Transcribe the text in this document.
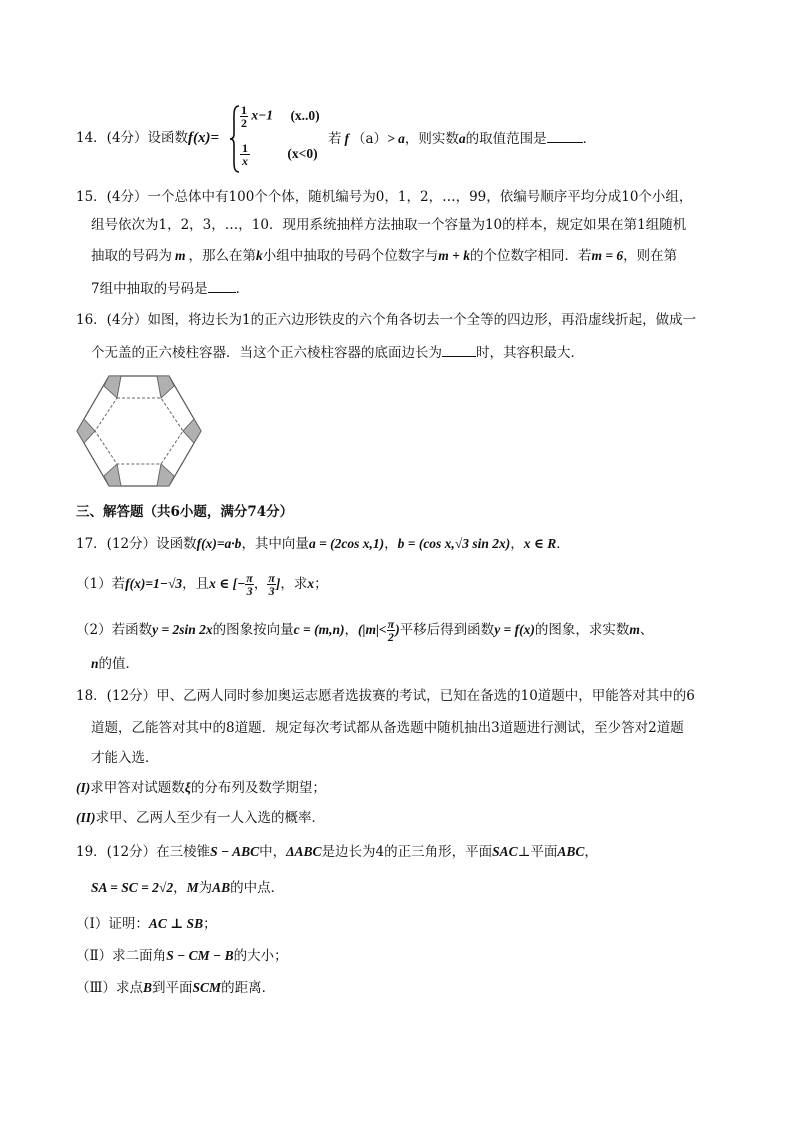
14．(4分）设函数f(x)=
$\frac{1}{2} x-1$ (x..0)
$\frac{1}{x}$	(x<0)
若 f （a）> a，则实数a的取值范围是	．
15．(4分）一个总体中有100个个体，随机编号为0，1，2，…，99，依编号顺序平均分成10个小组，
组号依次为1，2，3，…，10．现用系统抽样方法抽取一个容量为10的样本，规定如果在第1组随机
抽取的号码为 m ，那么在第k小组中抽取的号码个位数字与m + k的个位数字相同．若m = 6，则在第
7组中抽取的号码是 ．
16．(4分）如图，将边长为1的正六边形铁皮的六个角各切去一个全等的四边形，再沿虚线折起，做成一
个无盖的正六棱柱容器．当这个正六棱柱容器的底面边长为	时，其容积最大．
三、解答题（共6小题，满分74分）
17．(12分）设函数f(x)=a·b，其中向量a = (2cos x,1)，b = (cos x,√3 sin 2x)，x ∈ R．
（1）若f(x)=1−√3，且x ∈ [− $\frac{\pi}{3}$ ， $\frac{\pi}{3}$ ]，求x；
（2）若函数y = 2sin 2x的图象按向量c = (m,n)，($|m|< \frac{\pi}{2}$ )平移后得到函数y = f(x)的图象，求实数m、
n的值．
18．(12分）甲、乙两人同时参加奥运志愿者选拔赛的考试，已知在备选的10道题中，甲能答对其中的6
道题，乙能答对其中的8道题．规定每次考试都从备选题中随机抽出3道题进行测试，至少答对2道题
才能入选．
(I)求甲答对试题数ξ的分布列及数学期望；
(II)求甲、乙两人至少有一人入选的概率．
19．(12分）在三棱锥S − ABC中，ΔABC是边长为4的正三角形，平面SAC⊥平面ABC，
SA = SC = 2√2，M为AB的中点．
（Ⅰ）证明：AC ⊥ SB；
（Ⅱ）求二面角S − CM − B的大小；
（Ⅲ）求点B到平面SCM的距离．
